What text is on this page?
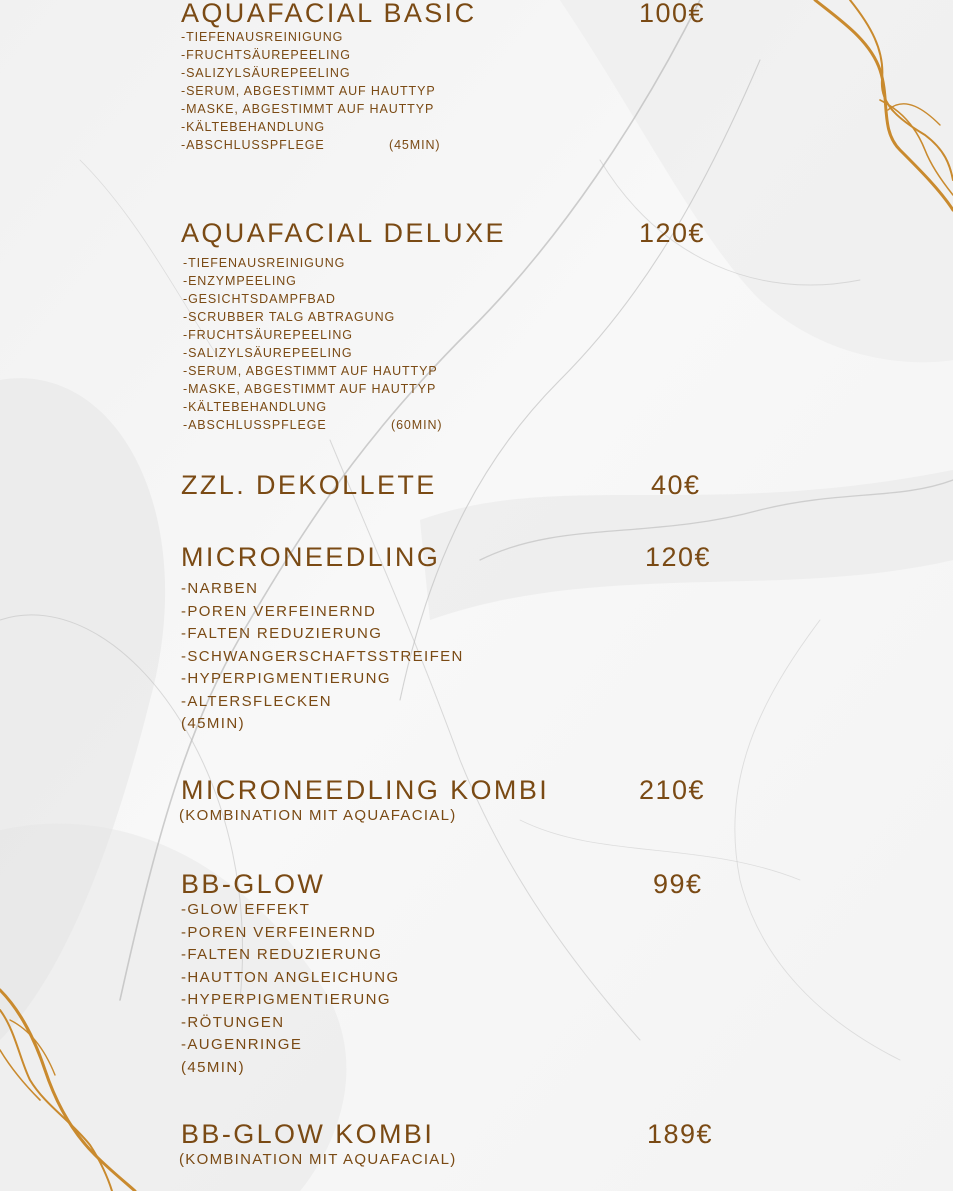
AQUAFACIAL BASIC	100€
-TIEFENAUSREINIGUNG
-FRUCHTSÄUREPEELING
-SALIZYLSÄUREPEELING
-SERUM, ABGESTIMMT AUF HAUTTYP
-MASKE, ABGESTIMMT AUF HAUTTYP
-KÄLTEBEHANDLUNG
-ABSCHLUSSPFLEGE	(45MIN)
AQUAFACIAL DELUXE	120€
-TIEFENAUSREINIGUNG
-ENZYMPEELING
-GESICHTSDAMPFBAD
-SCRUBBER TALG ABTRAGUNG
-FRUCHTSÄUREPEELING
-SALIZYLSÄUREPEELING
-SERUM, ABGESTIMMT AUF HAUTTYP
-MASKE, ABGESTIMMT AUF HAUTTYP
-KÄLTEBEHANDLUNG
-ABSCHLUSSPFLEGE	(60MIN)
ZZL. DEKOLLETE	40€
MICRONEEDLING	120€
-NARBEN
-POREN VERFEINERND
-FALTEN REDUZIERUNG
-SCHWANGERSCHAFTSSTREIFEN
-HYPERPIGMENTIERUNG
-ALTERSFLECKEN
(45MIN)
MICRONEEDLING KOMBI	210€
(KOMBINATION MIT AQUAFACIAL)
BB-GLOW	99€
-GLOW EFFEKT
-POREN VERFEINERND
-FALTEN REDUZIERUNG
-HAUTTON ANGLEICHUNG
-HYPERPIGMENTIERUNG
-RÖTUNGEN
-AUGENRINGE
(45MIN)
BB-GLOW KOMBI	189€
(KOMBINATION MIT AQUAFACIAL)
